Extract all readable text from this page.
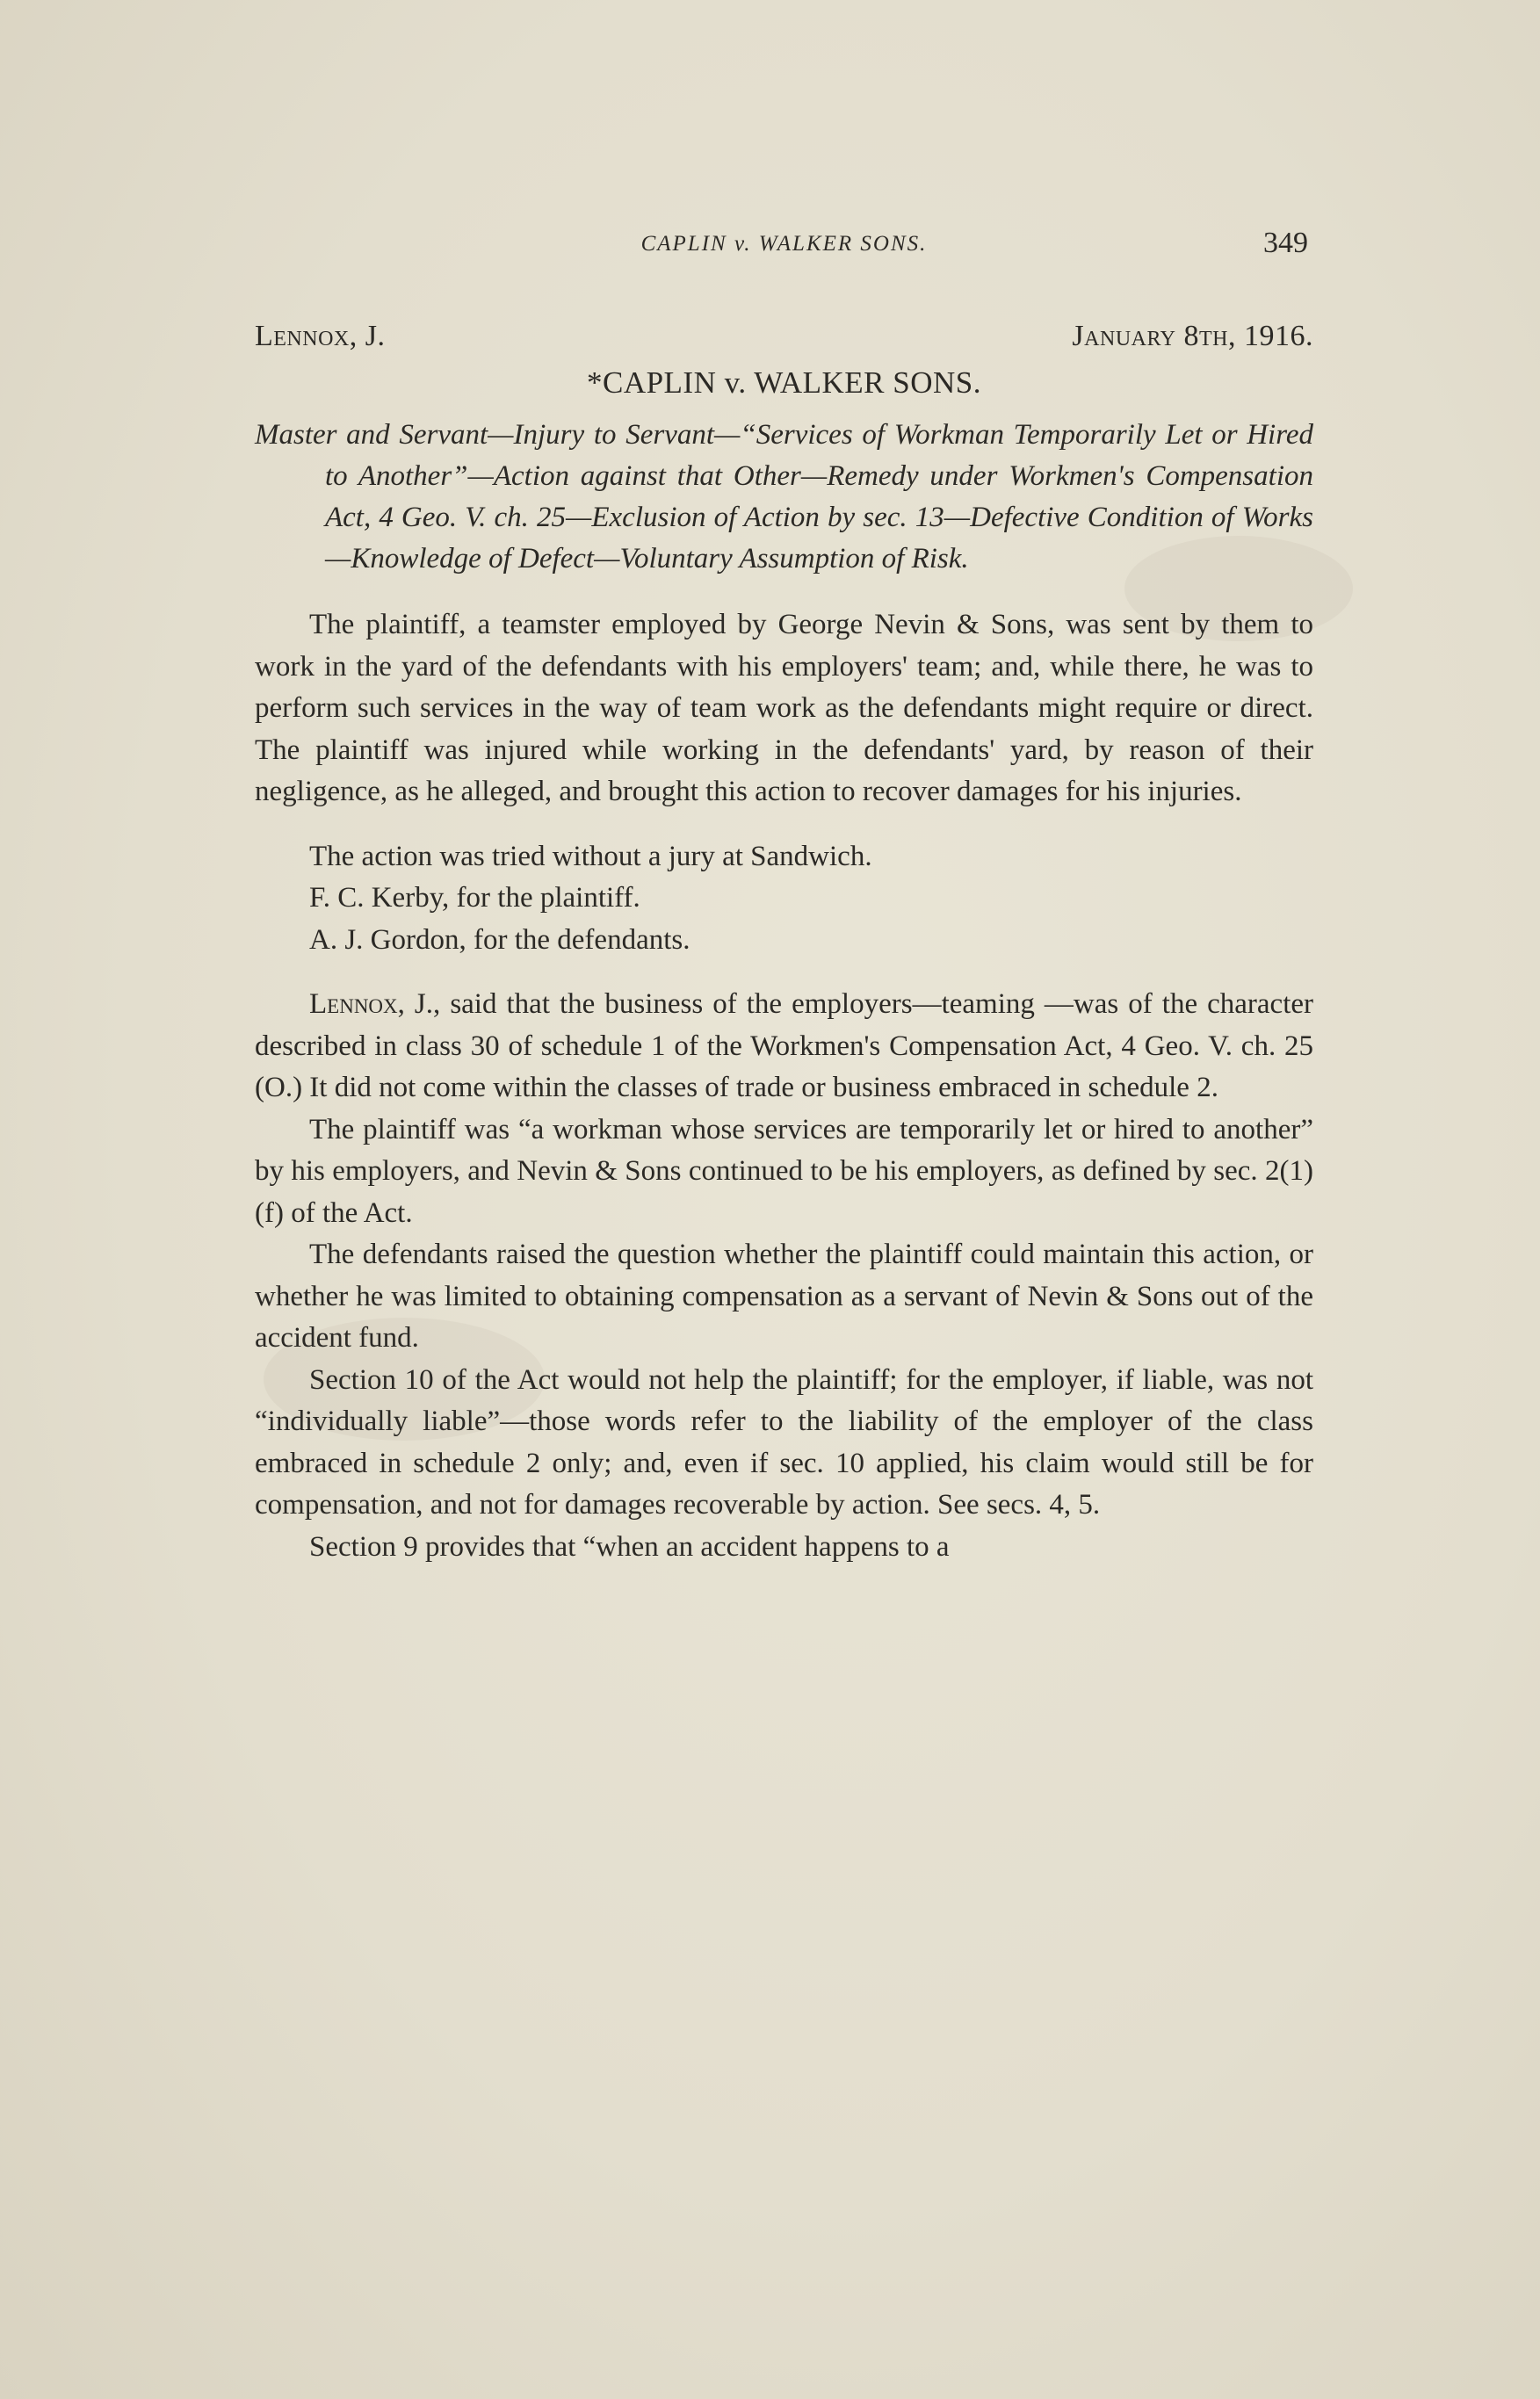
CAPLIN v. WALKER SONS.	349
Lennox, J.	January 8th, 1916.
*CAPLIN v. WALKER SONS.

Master and Servant—Injury to Servant—“Services of Workman Temporarily Let or Hired to Another”—Action against that Other—Remedy under Workmen's Compensation Act, 4 Geo. V. ch. 25—Exclusion of Action by sec. 13—Defective Condition of Works—Knowledge of Defect—Voluntary Assumption of Risk.

The plaintiff, a teamster employed by George Nevin & Sons, was sent by them to work in the yard of the defendants with his employers' team; and, while there, he was to perform such services in the way of team work as the defendants might require or direct. The plaintiff was injured while working in the defendants' yard, by reason of their negligence, as he alleged, and brought this action to recover damages for his injuries.

The action was tried without a jury at Sandwich.

F. C. Kerby, for the plaintiff.

A. J. Gordon, for the defendants.

Lennox, J., said that the business of the employers—teaming —was of the character described in class 30 of schedule 1 of the Workmen's Compensation Act, 4 Geo. V. ch. 25 (O.) It did not come within the classes of trade or business embraced in schedule 2.

The plaintiff was “a workman whose services are temporarily let or hired to another” by his employers, and Nevin & Sons continued to be his employers, as defined by sec. 2(1)(f) of the Act.

The defendants raised the question whether the plaintiff could maintain this action, or whether he was limited to obtaining compensation as a servant of Nevin & Sons out of the accident fund.

Section 10 of the Act would not help the plaintiff; for the employer, if liable, was not “individually liable”—those words refer to the liability of the employer of the class embraced in schedule 2 only; and, even if sec. 10 applied, his claim would still be for compensation, and not for damages recoverable by action. See secs. 4, 5.

Section 9 provides that “when an accident happens to a
